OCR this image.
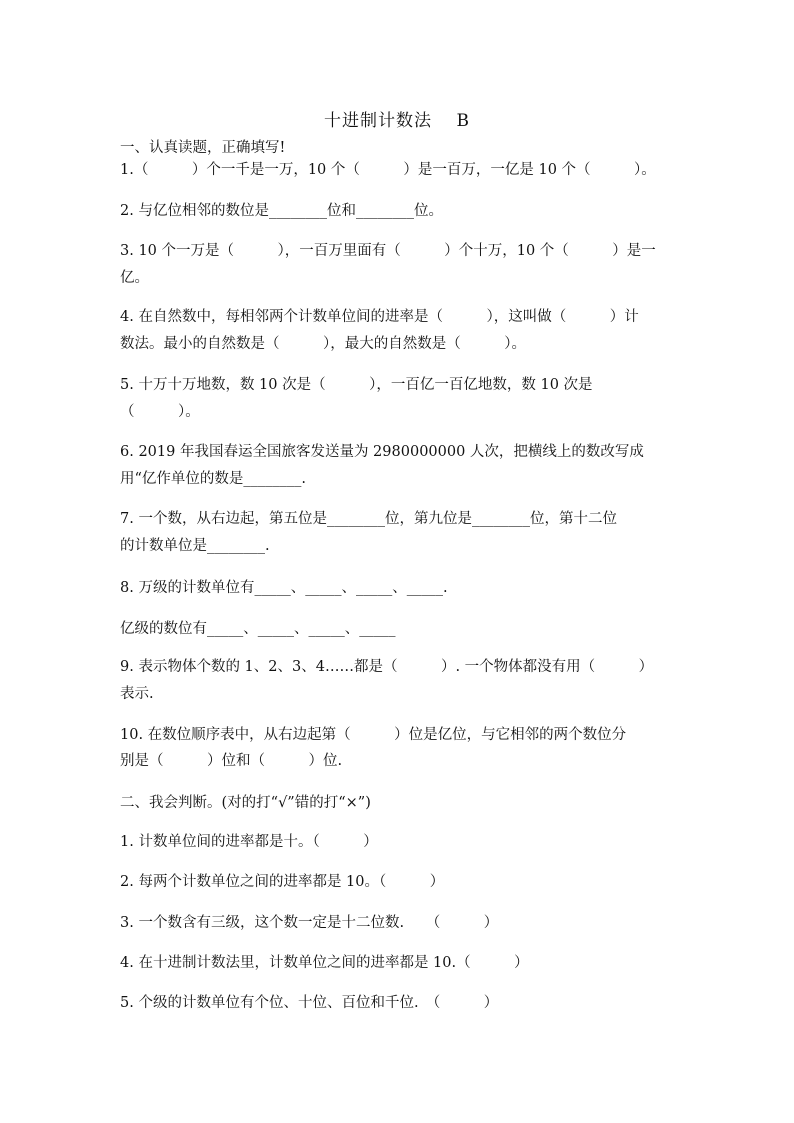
十进制计数法　 B
一、认真读题，正确填写!
1.（　　　）个一千是一万，10 个（　　　）是一百万，一亿是 10 个（　　　）。
2. 与亿位相邻的数位是________位和________位。
3. 10 个一万是（　　　），一百万里面有（　　　）个十万，10 个（　　　）是一
亿。
4. 在自然数中，每相邻两个计数单位间的进率是（　　　），这叫做（　　　）计
数法。最小的自然数是（　　　），最大的自然数是（　　　）。
5. 十万十万地数，数 10 次是（　　　），一百亿一百亿地数，数 10 次是
（　　　）。
6. 2019 年我国春运全国旅客发送量为 2980000000 人次，把横线上的数改写成
用“亿作单位的数是________.
7. 一个数，从右边起，第五位是________位，第九位是________位，第十二位
的计数单位是________.
8. 万级的计数单位有_____、_____、_____、_____.
亿级的数位有_____、_____、_____、_____
9. 表示物体个数的 1、2、3、4……都是（　　　）. 一个物体都没有用（　　　）
表示.
10. 在数位顺序表中，从右边起第（　　　）位是亿位，与它相邻的两个数位分
别是（　　　）位和（　　　）位.
二、我会判断。(对的打“√”错的打“×”)
1. 计数单位间的进率都是十。（　　　）
2. 每两个计数单位之间的进率都是 10。（　　　）
3. 一个数含有三级，这个数一定是十二位数.　　（　　　）
4. 在十进制计数法里，计数单位之间的进率都是 10.（　　　）
5. 个级的计数单位有个位、十位、百位和千位.　（　　　）
